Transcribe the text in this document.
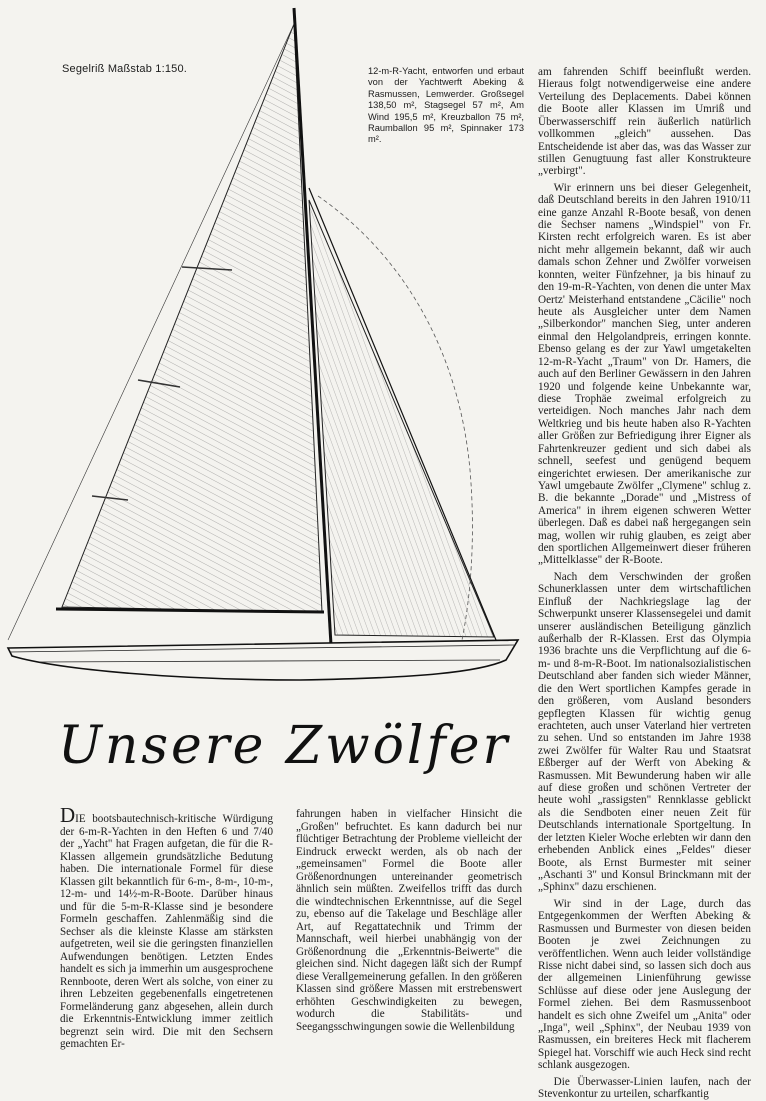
Segelriß Maßstab 1:150.	12-m-R-Yacht, entworfen und erbaut von der Yachtwerft Abeking & Rasmussen, Lemwerder. Großsegel 138,50 m², Stagsegel 57 m², Am Wind 195,5 m², Kreuzballon 75 m², Raumballon 95 m², Spinnaker 173 m².
Unsere Zwölfer

DIE bootsbautechnisch-kritische Würdigung der 6-m-R-Yachten in den Heften 6 und 7/40 der „Yacht" hat Fragen aufgetan, die für die R-Klassen allgemein grundsätzliche Bedutung haben. Die internationale Formel für diese Klassen gilt bekanntlich für 6-m-, 8-m-, 10-m-, 12-m- und 14½-m-R-Boote. Darüber hinaus und für die 5-m-R-Klasse sind je besondere Formeln geschaffen. Zahlenmäßig sind die Sechser als die kleinste Klasse am stärksten aufgetreten, weil sie die geringsten finanziellen Aufwendungen benötigen. Letzten Endes handelt es sich ja immerhin um ausgesprochene Rennboote, deren Wert als solche, von einer zu ihren Lebzeiten gegebenenfalls eingetretenen Formeländerung ganz abgesehen, allein durch die Erkenntnis-Entwicklung immer zeitlich begrenzt sein wird. Die mit den Sechsern gemachten Er-

fahrungen haben in vielfacher Hinsicht die „Großen" befruchtet. Es kann dadurch bei nur flüchtiger Betrachtung der Probleme vielleicht der Eindruck erweckt werden, als ob nach der „gemeinsamen" Formel die Boote aller Größenordnungen untereinander geometrisch ähnlich sein müßten. Zweifellos trifft das durch die windtechnischen Erkenntnisse, auf die Segel zu, ebenso auf die Takelage und Beschläge aller Art, auf Regattatechnik und Trimm der Mannschaft, weil hierbei unabhängig von der Größenordnung die „Erkenntnis-Beiwerte" die gleichen sind. Nicht dagegen läßt sich der Rumpf diese Verallgemeinerung gefallen. In den größeren Klassen sind größere Massen mit erstrebenswert erhöhten Geschwindigkeiten zu bewegen, wodurch die Stabilitäts- und Seegangsschwingungen sowie die Wellenbildung

am fahrenden Schiff beeinflußt werden. Hieraus folgt notwendigerweise eine andere Verteilung des Deplacements. Dabei können die Boote aller Klassen im Umriß und Überwasserschiff rein äußerlich natürlich vollkommen „gleich" aussehen. Das Entscheidende ist aber das, was das Wasser zur stillen Genugtuung fast aller Konstrukteure „verbirgt".

Wir erinnern uns bei dieser Gelegenheit, daß Deutschland bereits in den Jahren 1910/11 eine ganze Anzahl R-Boote besaß, von denen die Sechser namens „Windspiel" von Fr. Kirsten recht erfolgreich waren. Es ist aber nicht mehr allgemein bekannt, daß wir auch damals schon Zehner und Zwölfer vorweisen konnten, weiter Fünfzehner, ja bis hinauf zu den 19-m-R-Yachten, von denen die unter Max Oertz' Meisterhand entstandene „Cäcilie" noch heute als Ausgleicher unter dem Namen „Silberkondor" manchen Sieg, unter anderen einmal den Helgolandpreis, erringen konnte. Ebenso gelang es der zur Yawl umgetakelten 12-m-R-Yacht „Traum" von Dr. Hamers, die auch auf den Berliner Gewässern in den Jahren 1920 und folgende keine Unbekannte war, diese Trophäe zweimal erfolgreich zu verteidigen. Noch manches Jahr nach dem Weltkrieg und bis heute haben also R-Yachten aller Größen zur Befriedigung ihrer Eigner als Fahrtenkreuzer gedient und sich dabei als schnell, seefest und genügend bequem eingerichtet erwiesen. Der amerikanische zur Yawl umgebaute Zwölfer „Clymene" schlug z. B. die bekannte „Dorade" und „Mistress of America" in ihrem eigenen schweren Wetter überlegen. Daß es dabei naß hergegangen sein mag, wollen wir ruhig glauben, es zeigt aber den sportlichen Allgemeinwert dieser früheren „Mittelklasse" der R-Boote.

Nach dem Verschwinden der großen Schunerklassen unter dem wirtschaftlichen Einfluß der Nachkriegslage lag der Schwerpunkt unserer Klassensegelei und damit unserer ausländischen Beteiligung gänzlich außerhalb der R-Klassen. Erst das Olympia 1936 brachte uns die Verpflichtung auf die 6-m- und 8-m-R-Boot. Im nationalsozialistischen Deutschland aber fanden sich wieder Männer, die den Wert sportlichen Kampfes gerade in den größeren, vom Ausland besonders gepflegten Klassen für wichtig genug erachteten, auch unser Vaterland hier vertreten zu sehen. Und so entstanden im Jahre 1938 zwei Zwölfer für Walter Rau und Staatsrat Eßberger auf der Werft von Abeking & Rasmussen. Mit Bewunderung haben wir alle auf diese großen und schönen Vertreter der heute wohl „rassigsten" Rennklasse geblickt als die Sendboten einer neuen Zeit für Deutschlands internationale Sportgeltung. In der letzten Kieler Woche erlebten wir dann den erhebenden Anblick eines „Feldes" dieser Boote, als Ernst Burmester mit seiner „Aschanti 3" und Konsul Brinckmann mit der „Sphinx" dazu erschienen.

Wir sind in der Lage, durch das Entgegenkommen der Werften Abeking & Rasmussen und Burmester von diesen beiden Booten je zwei Zeichnungen zu veröffentlichen. Wenn auch leider vollständige Risse nicht dabei sind, so lassen sich doch aus der allgemeinen Linienführung gewisse Schlüsse auf diese oder jene Auslegung der Formel ziehen. Bei dem Rasmussenboot handelt es sich ohne Zweifel um „Anita" oder „Inga", weil „Sphinx", der Neubau 1939 von Rasmussen, ein breiteres Heck mit flacherem Spiegel hat. Vorschiff wie auch Heck sind recht schlank ausgezogen.

Die Überwasser-Linien laufen, nach der Stevenkontur zu urteilen, scharfkantig
